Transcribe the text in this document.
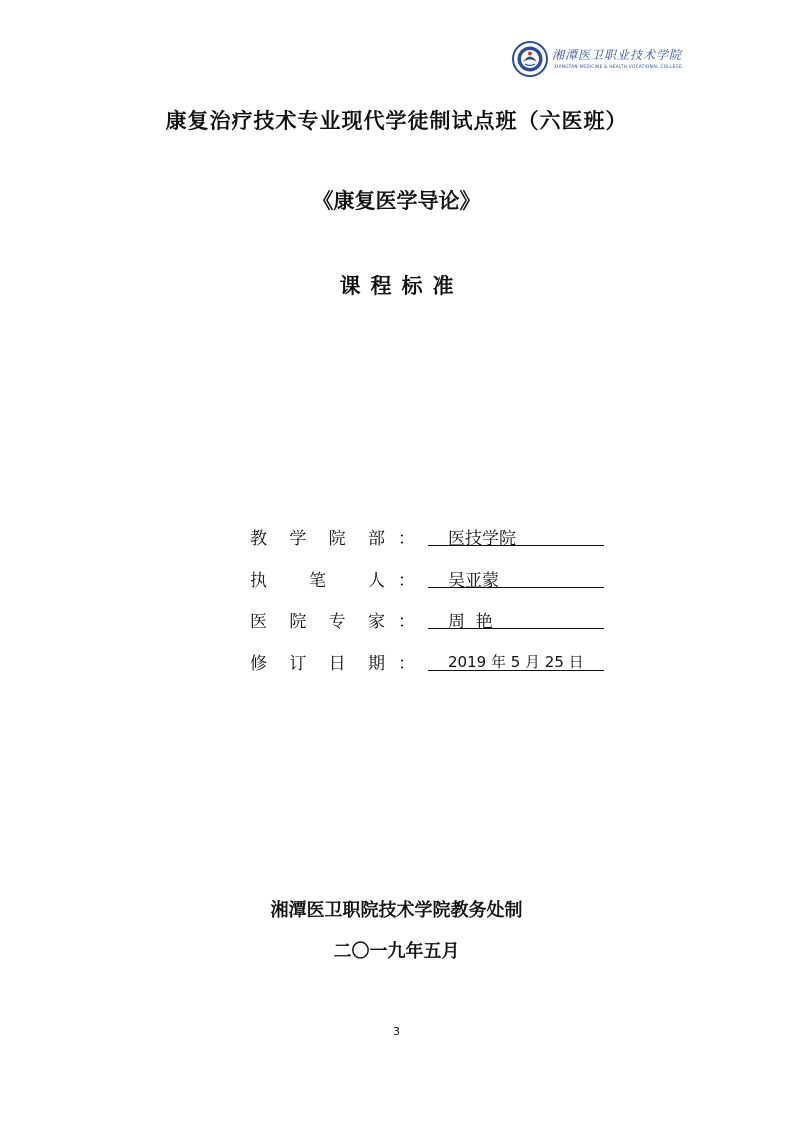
湘潭医卫职业技术学院
XIANGTAN MEDICINE & HEALTH VOCATIONAL COLLEGE
康复治疗技术专业现代学徒制试点班（六医班）
《康复医学导论》
课程标准
教 学 院 部 ：	医技学院
执 笔 人 ：	吴亚蒙
医 院 专 家 ：	周  艳
修 订 日 期 ：	2019 年 5 月 25 日
湘潭医卫职院技术学院教务处制
二〇一九年五月
3
